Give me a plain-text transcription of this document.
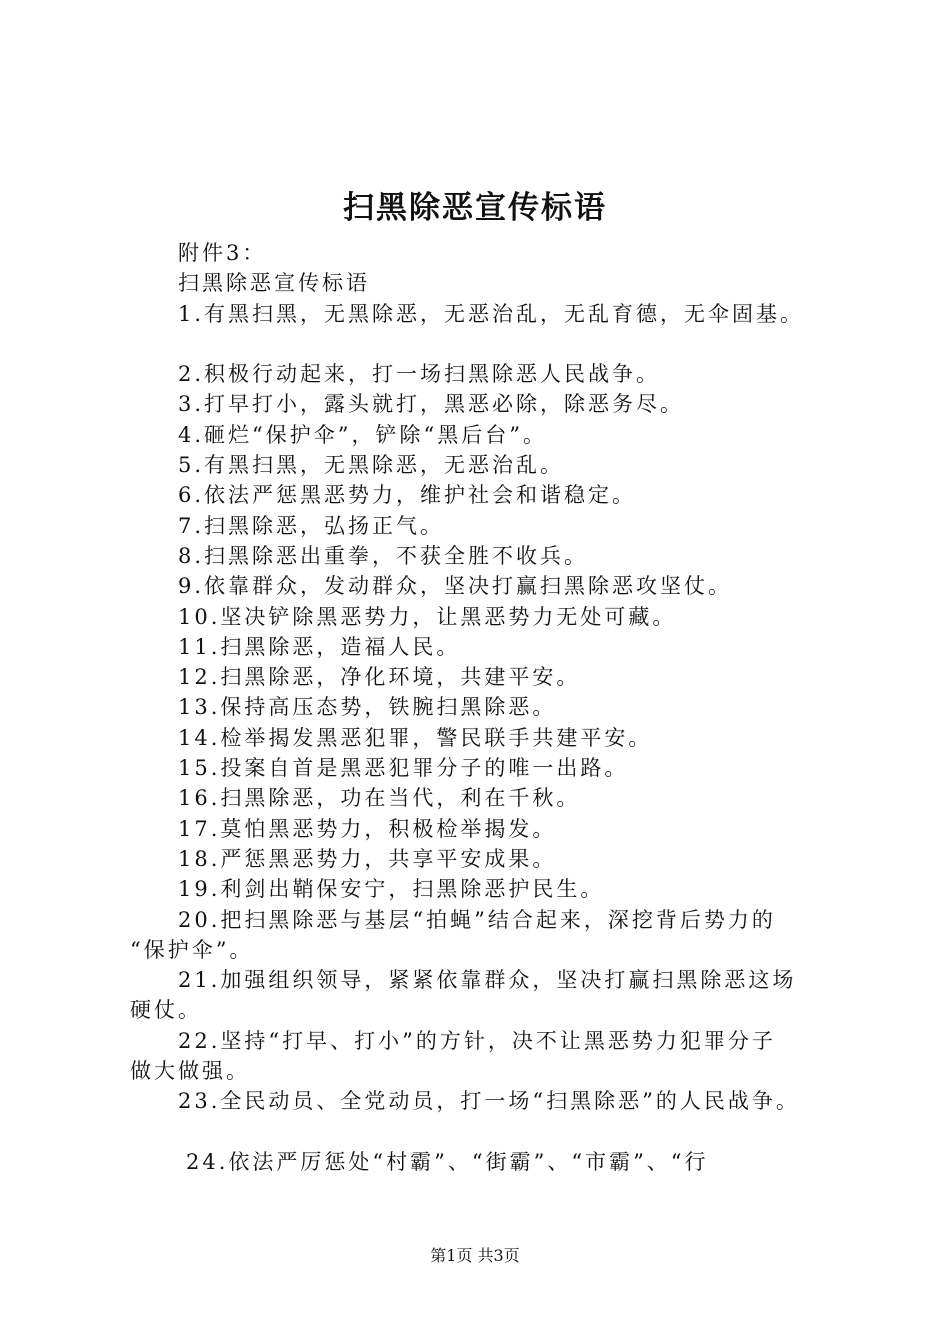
扫黑除恶宣传标语
附件3：
扫黑除恶宣传标语
1.有黑扫黑，无黑除恶，无恶治乱，无乱育德，无伞固基。
2.积极行动起来，打一场扫黑除恶人民战争。
3.打早打小，露头就打，黑恶必除，除恶务尽。
4.砸烂“保护伞”，铲除“黑后台”。
5.有黑扫黑，无黑除恶，无恶治乱。
6.依法严惩黑恶势力，维护社会和谐稳定。
7.扫黑除恶，弘扬正气。
8.扫黑除恶出重拳，不获全胜不收兵。
9.依靠群众，发动群众，坚决打赢扫黑除恶攻坚仗。
10.坚决铲除黑恶势力，让黑恶势力无处可藏。
11.扫黑除恶，造福人民。
12.扫黑除恶，净化环境，共建平安。
13.保持高压态势，铁腕扫黑除恶。
14.检举揭发黑恶犯罪，警民联手共建平安。
15.投案自首是黑恶犯罪分子的唯一出路。
16.扫黑除恶，功在当代，利在千秋。
17.莫怕黑恶势力，积极检举揭发。
18.严惩黑恶势力，共享平安成果。
19.利剑出鞘保安宁，扫黑除恶护民生。
20.把扫黑除恶与基层“拍蝇”结合起来，深挖背后势力的
“保护伞”。
21.加强组织领导，紧紧依靠群众，坚决打赢扫黑除恶这场
硬仗。
22.坚持“打早、打小”的方针，决不让黑恶势力犯罪分子
做大做强。
23.全民动员、全党动员，打一场“扫黑除恶”的人民战争。
24.依法严厉惩处“村霸”、“街霸”、“市霸”、“行
第1页 共3页
